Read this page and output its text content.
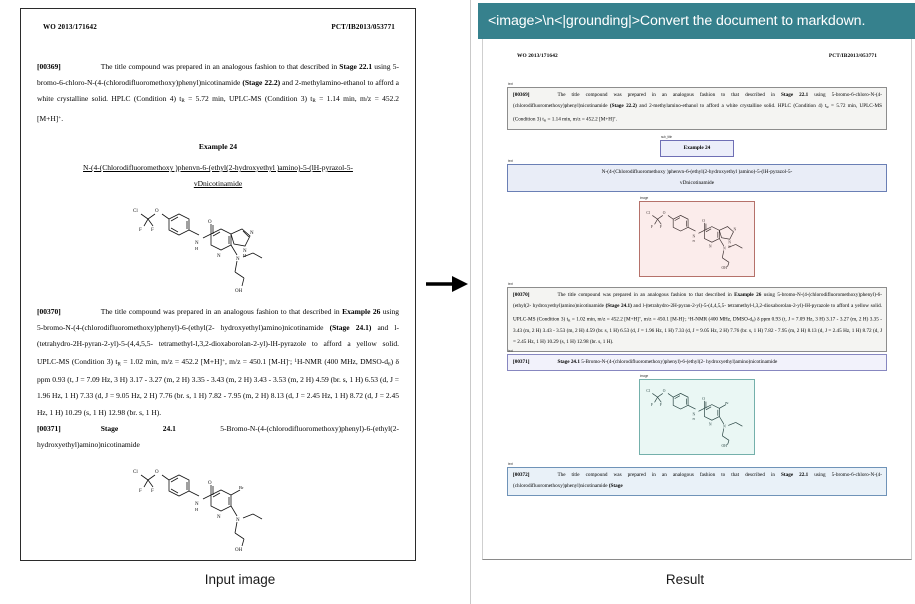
WO 2013/171642	PCT/IB2013/053771

[00369]	The title compound was prepared in an analogous fashion to that described in Stage 22.1 using 5-bromo-6-chloro-N-(4-(chlorodifluoromethoxy)phenyl)nicotinamide (Stage 22.2) and 2-methylamino-ethanol to afford a white crystalline solid. HPLC (Condition 4) $t_R = 5.72$ min, UPLC-MS (Condition 3) $t_R = 1.14$ min, m/z = 452.2 [M+H]+.

Example 24
N-(4-(Chlorodifluoromethoxy )phenvn-6-(ethyl(2-hydroxyethyl )amino)-5-(lH-pyrazol-5-
vDnicotinamide
Cl
F F
O
N
H
O
N
N
N
H
N
OH

[00370]	The title compound was prepared in an analogous fashion to that described in Example 26 using 5-bromo-N-(4-(chlorodifluoromethoxy)phenyl)-6-(ethyl(2- hydroxyethyl)amino)nicotinamide (Stage 24.1) and l-(tetrahydro-2H-pyran-2-yl)-5-(4,4,5,5- tetramethyl-l,3,2-dioxaborolan-2-yl)-lH-pyrazole to afford a yellow solid. UPLC-MS (Condition 3) $t_R = 1.02$ min, m/z = 452.2 [M+H]+, m/z = 450.1 [M-H]-; $^1$H-NMR (400 MHz, DMSO-$d_6$) δ ppm 0.93 (t, J = 7.09 Hz, 3 H) 3.17 - 3.27 (m, 2 H) 3.35 - 3.43 (m, 2 H) 3.43 - 3.53 (m, 2 H) 4.59 (br. s, 1 H) 6.53 (d, J = 1.96 Hz, 1 H) 7.33 (d, J = 9.05 Hz, 2 H) 7.76 (br. s, 1 H) 7.82 - 7.95 (m, 2 H) 8.13 (d, J = 2.45 Hz, 1 H) 8.72 (d, J = 2.45 Hz, 1 H) 10.29 (s, 1 H) 12.98 (br. s, 1 H).

[00371]	Stage 24.1 5-Bromo-N-(4-(chlorodifluoromethoxy)phenyl)-6-(ethyl(2- hydroxyethyl)amino)nicotinamide

Cl
F F
O
N
H
O
N
Br
N
OH

<image>\n<|grounding|>Convert the document to markdown.
WO 2013/171642	PCT/IB2013/053771
text

[00369]	The title compound was prepared in an analogous fashion to that described in Stage 22.1 using 5-bromo-6-chloro-N-(4-(chlorodifluoromethoxy)phenyl)nicotinamide (Stage 22.2) and 2-methylamino-ethanol to afford a white crystalline solid. HPLC (Condition 4) $t_R = 5.72$ min, UPLC-MS (Condition 3) $t_R = 1.14$ min, m/z = 452.2 [M+H]+.

sub_title

Example 24

text

N-(4-(Chlorodifluoromethoxy )phenvn-6-(ethyl(2-hydroxyethyl )amino)-5-(lH-pyrazol-5-
vDnicotinamide

image
Cl
F F
O
N
H
O
N
N
N
H
N
OH
text

[00370]	The title compound was prepared in an analogous fashion to that described in Example 26 using 5-bromo-N-(4-(chlorodifluoromethoxy)phenyl)-6-(ethyl(2- hydroxyethyl)amino)nicotinamide (Stage 24.1) and l-(tetrahydro-2H-pyran-2-yl)-5-(4,4,5,5- tetramethyl-l,3,2-dioxaborolan-2-yl)-lH-pyrazole to afford a yellow solid. UPLC-MS (Condition 3) $t_R = 1.02$ min, m/z = 452.2 [M+H]+, m/z = 450.1 [M-H]-; $^1$H-NMR (400 MHz, DMSO-$d_6$) δ ppm 0.93 (t, J = 7.09 Hz, 3 H) 3.17 - 3.27 (m, 2 H) 3.35 - 3.43 (m, 2 H) 3.43 - 3.53 (m, 2 H) 4.59 (br. s, 1 H) 6.53 (d, J = 1.96 Hz, 1 H) 7.33 (d, J = 9.05 Hz, 2 H) 7.76 (br. s, 1 H) 7.82 - 7.95 (m, 2 H) 8.13 (d, J = 2.45 Hz, 1 H) 8.72 (d, J = 2.45 Hz, 1 H) 10.29 (s, 1 H) 12.98 (br. s, 1 H).

text

[00371]	Stage 24.1 5-Bromo-N-(4-(chlorodifluoromethoxy)phenyl)-6-(ethyl(2- hydroxyethyl)amino)nicotinamide

image
Cl
F F
O
N
H
O
N
Br
N
OH
text

[00372]	The title compound was prepared in an analogous fashion to that described in Stage 22.1 using 5-bromo-6-chloro-N-(4-(chlorodifluoromethoxy)phenyl)nicotinamide (Stage

Input image	Result
